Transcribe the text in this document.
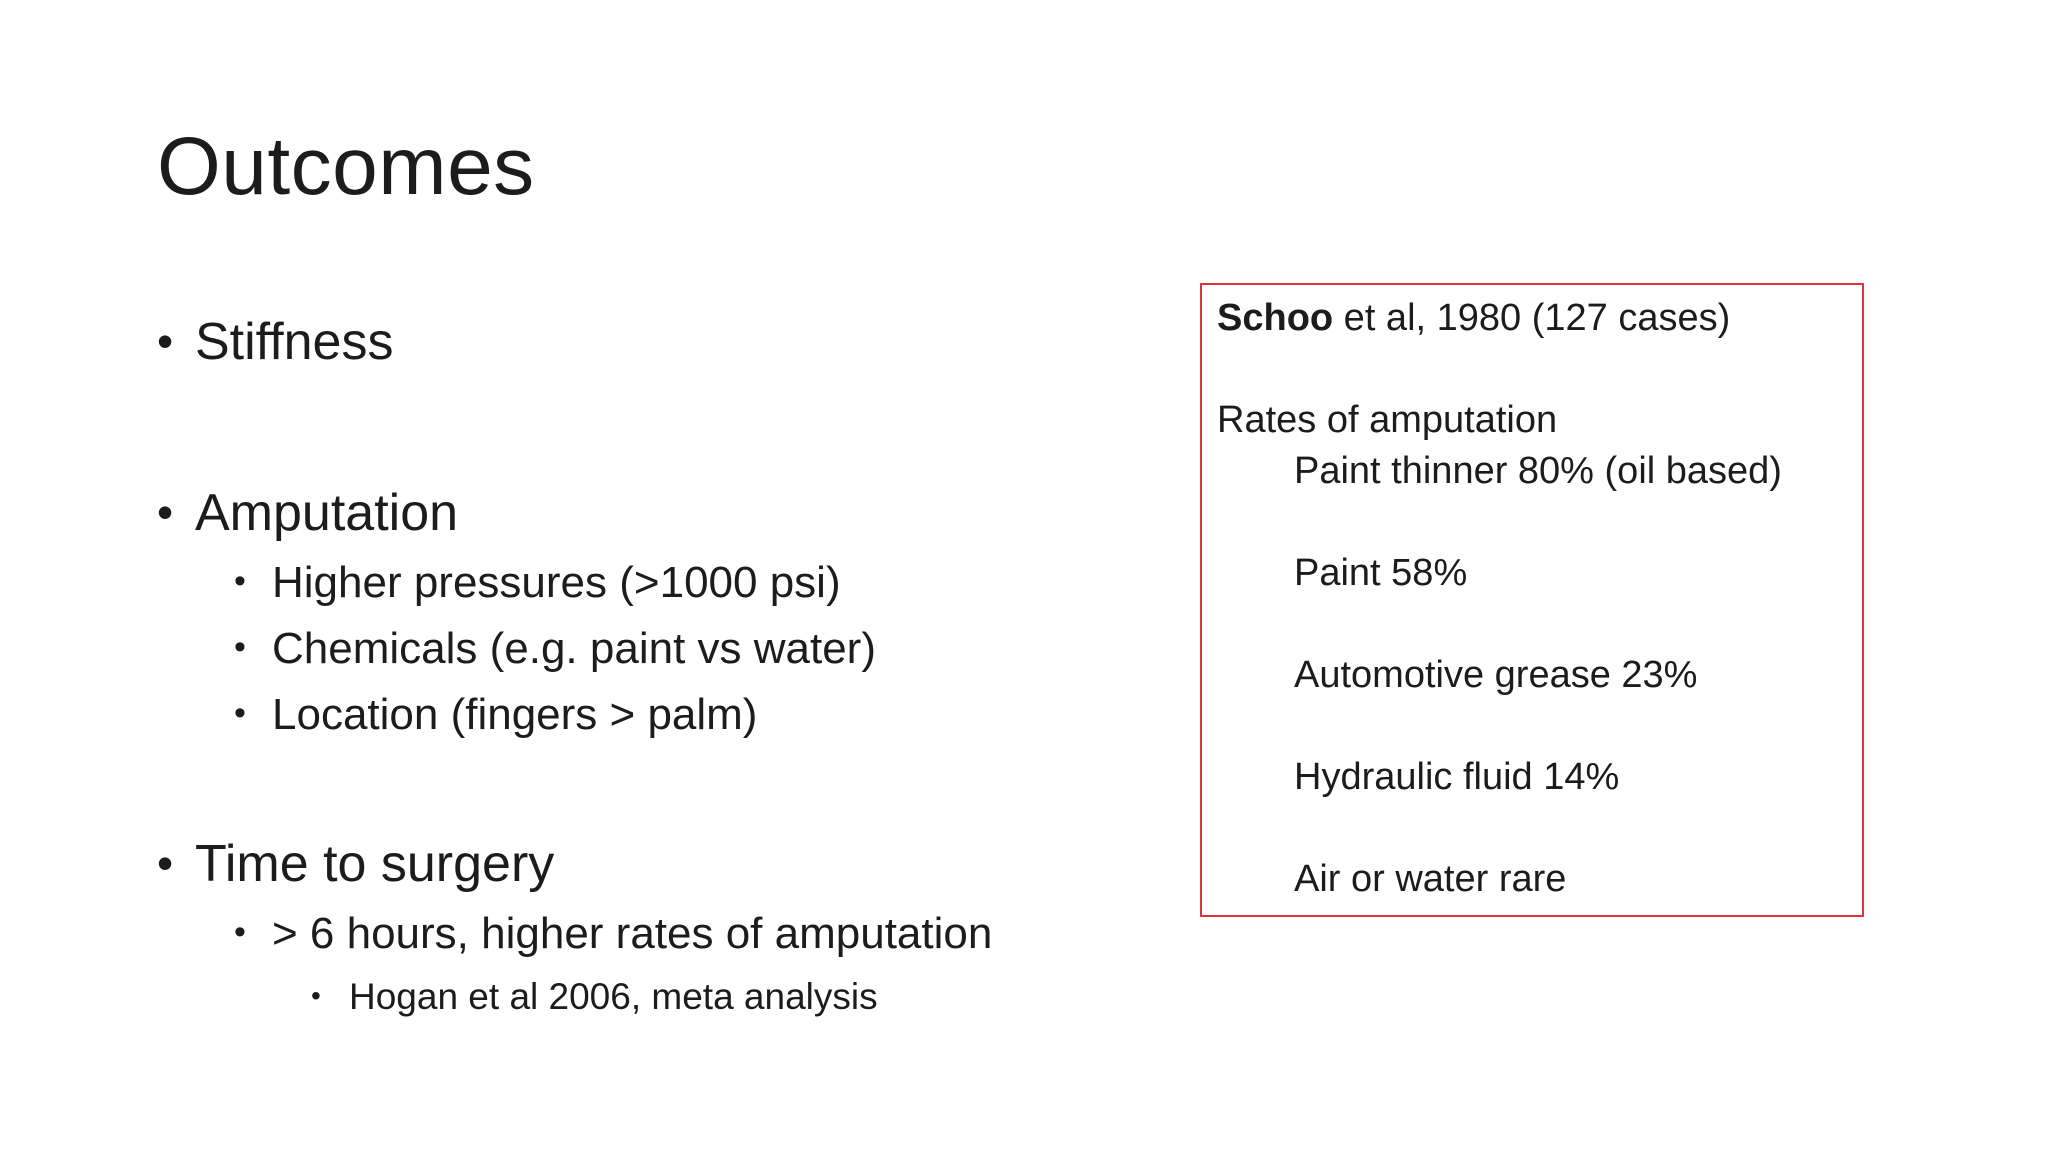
Outcomes
• Stiffness
• Amputation
• Higher pressures (>1000 psi)
• Chemicals (e.g. paint vs water)
• Location (fingers > palm)
• Time to surgery
• > 6 hours, higher rates of amputation
• Hogan et al 2006, meta analysis
Schoo et al, 1980 (127 cases)
Rates of amputation
Paint thinner 80% (oil based)
Paint 58%
Automotive grease 23%
Hydraulic fluid 14%
Air or water rare
